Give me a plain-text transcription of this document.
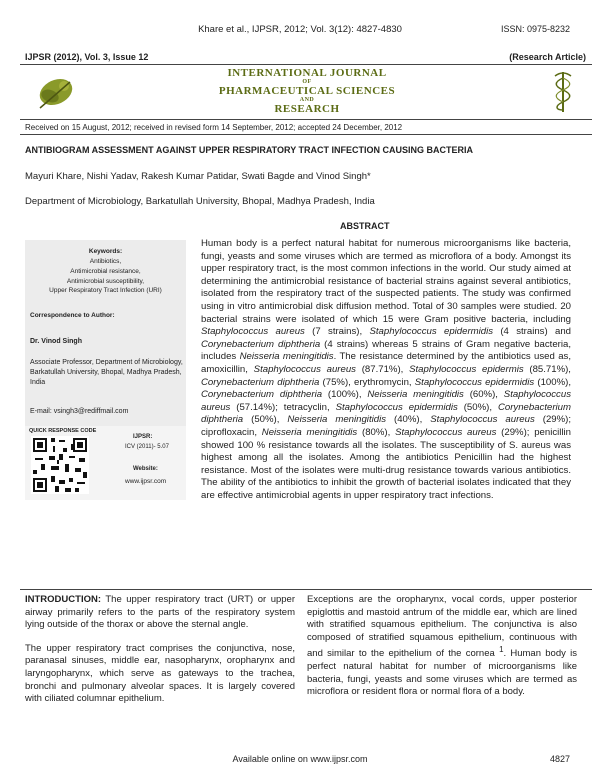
Khare et al., IJPSR, 2012; Vol. 3(12): 4827-4830	ISSN: 0975-8232
IJPSR (2012), Vol. 3, Issue 12	(Research Article)
INTERNATIONAL JOURNAL
OF
PHARMACEUTICAL SCIENCES
AND
RESEARCH
Received on 15 August, 2012; received in revised form 14 September, 2012; accepted 24 December, 2012
ANTIBIOGRAM ASSESSMENT AGAINST UPPER RESPIRATORY TRACT INFECTION CAUSING BACTERIA
Mayuri Khare, Nishi Yadav, Rakesh Kumar Patidar, Swati Bagde and Vinod Singh*
Department of Microbiology, Barkatullah University, Bhopal, Madhya Pradesh, India
ABSTRACT
Human body is a perfect natural habitat for numerous microorganisms like bacteria, fungi, yeasts and some viruses which are termed as microflora of a body. Amongst its upper respiratory tract, is the most common infections in the world. Our study aimed at determining the antimicrobial resistance of bacterial strains against several antibiotics, isolated from the respiratory tract of the suspected patients. The study was confirmed using in vitro antimicrobial disk diffusion method. Total of 30 samples were studied. 20 bacterial strains were isolated of which 15 were Gram positive bacteria, including Staphylococcus aureus (7 strains), Staphylococcus epidermidis (4 strains) and Corynebacterium diphtheria (4 strains) whereas 5 strains of Gram negative bacteria, includes Neisseria meningitidis. The resistance determined by the antibiotics used as, amoxicillin, Staphylococcus aureus (87.71%), Staphylococcus epidermis (85.71%), Corynebacterium diphtheria (75%), erythromycin, Staphylococcus epidermidis (100%), Corynebacterium diphtheria (100%), Neisseria meningitidis (60%), Staphylococcus aureus (57.14%); tetracyclin, Staphylococcus epidermidis (50%), Corynebacterium diphtheria (50%), Neisseria meningitidis (40%), Staphylococcus aureus (29%); ciprofloxacin, Neisseria meningitidis (80%), Staphylococcus aureus (29%); penicillin showed 100 % resistance towards all the isolates. The susceptibility of S. aureus was highest among all the isolates. Among the antibiotics Penicillin had the highest resistance. Most of the isolates were multi-drug resistance towards various antibiotics. The ability of the antibiotics to inhibit the growth of bacterial isolates indicated that they are effective antimicrobial agents in upper respiratory tract infections.
Keywords:
Antibiotics,
Antimicrobial resistance,
Antimicrobial susceptibility,
Upper Respiratory Tract Infection (URI)
Correspondence to Author:
Dr. Vinod Singh
Associate Professor, Department of Microbiology, Barkatullah University, Bhopal, Madhya Pradesh, India
E-mail: vsingh3@rediffmail.com
QUICK RESPONSE CODE
IJPSR:
ICV (2011)- 5.07
Website:
www.ijpsr.com

INTRODUCTION: The upper respiratory tract (URT) or upper airway primarily refers to the parts of the respiratory system lying outside of the thorax or above the sternal angle.

The upper respiratory tract comprises the conjunctiva, nose, paranasal sinuses, middle ear, nasopharynx, oropharynx and laryngopharynx, which serve as gateways to the trachea, bronchi and pulmonary alveolar spaces. It is largely covered with ciliated columnar epithelium.

Exceptions are the oropharynx, vocal cords, upper posterior epiglottis and mastoid antrum of the middle ear, which are lined with stratified squamous epithelium. The conjunctiva is also composed of stratified squamous epithelium, continuous with and similar to the epithelium of the cornea $^1$. Human body is perfect natural habitat for number of microorganisms like bacteria, fungi, yeasts and some viruses which are termed as microflora or resident flora or normal flora of a body.

Available online on www.ijpsr.com	4827
